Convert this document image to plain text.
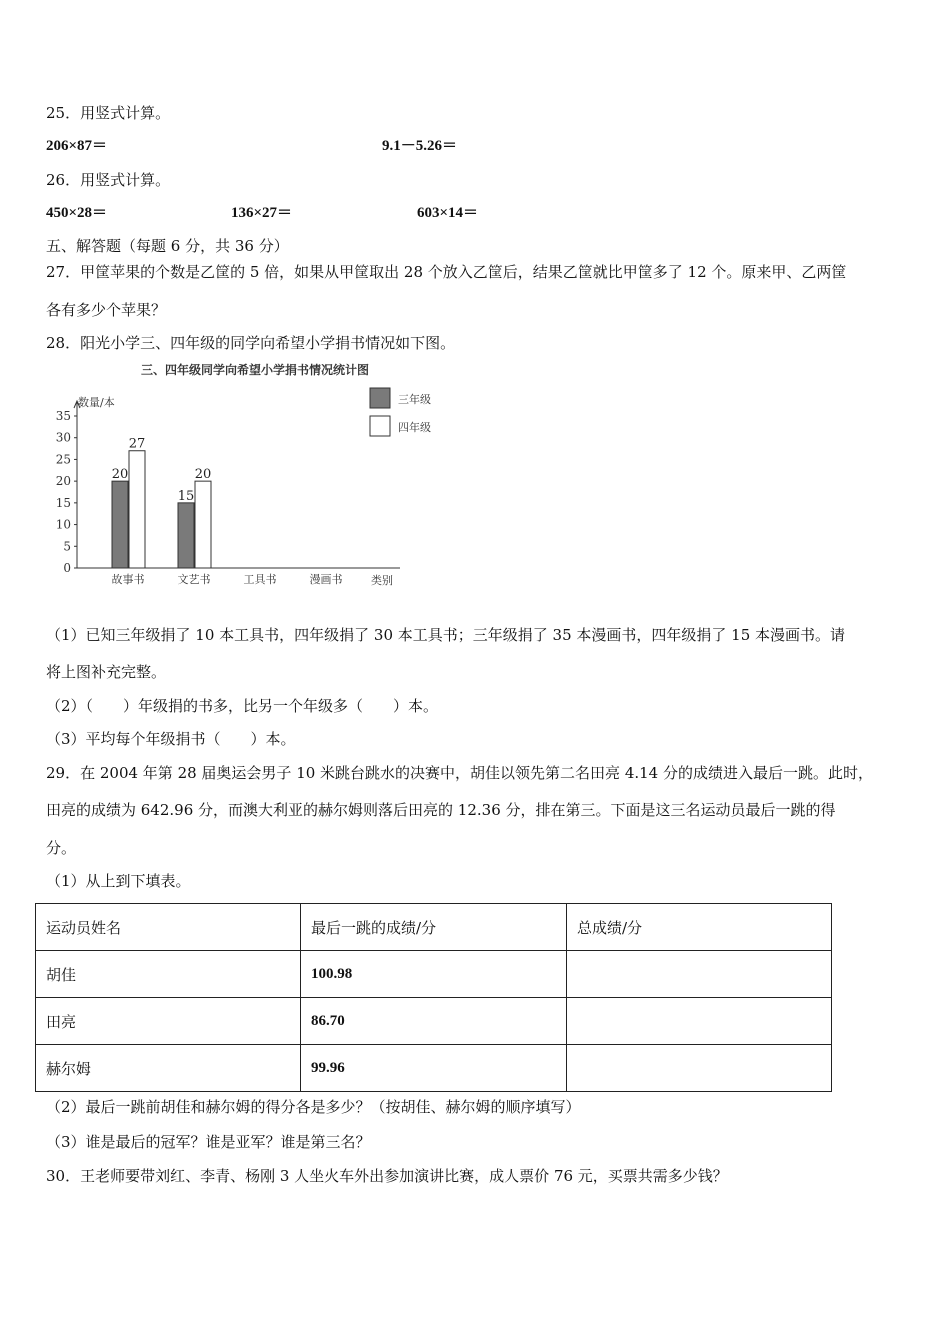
25．用竖式计算。
206×87＝	9.1－5.26＝
26．用竖式计算。
450×28＝	136×27＝	603×14＝
五、解答题（每题 6 分，共 36 分）
27．甲筐苹果的个数是乙筐的 5 倍，如果从甲筐取出 28 个放入乙筐后，结果乙筐就比甲筐多了 12 个。原来甲、乙两筐
各有多少个苹果？
28．阳光小学三、四年级的同学向希望小学捐书情况如下图。
三、四年级同学向希望小学捐书情况统计图
数量/本
类别
0
5
10
15
20
25
30
35
20
27
故事书
15
20
文艺书	工具书	漫画书
三年级
四年级
（1）已知三年级捐了 10 本工具书，四年级捐了 30 本工具书；三年级捐了 35 本漫画书，四年级捐了 15 本漫画书。请
将上图补充完整。
（2）（　　）年级捐的书多，比另一个年级多（　　）本。
（3）平均每个年级捐书（　　）本。
29．在 2004 年第 28 届奥运会男子 10 米跳台跳水的决赛中，胡佳以领先第二名田亮 4.14 分的成绩进入最后一跳。此时，
田亮的成绩为 642.96 分，而澳大利亚的赫尔姆则落后田亮的 12.36 分，排在第三。下面是这三名运动员最后一跳的得
分。
（1）从上到下填表。
运动员姓名	最后一跳的成绩/分	总成绩/分
胡佳	100.98	
田亮	86.70	
赫尔姆	99.96	
（2）最后一跳前胡佳和赫尔姆的得分各是多少？（按胡佳、赫尔姆的顺序填写）
（3）谁是最后的冠军？谁是亚军？谁是第三名？
30．王老师要带刘红、李青、杨刚 3 人坐火车外出参加演讲比赛，成人票价 76 元，买票共需多少钱？
